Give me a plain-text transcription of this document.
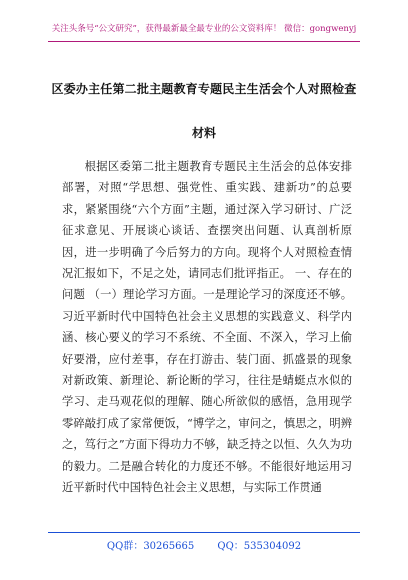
关注头条号“公文研究”，获得最新最全最专业的公文资料库！ 微信：gongwenyj
区委办主任第二批主题教育专题民主生活会个人对照检查
材料

根据区委第二批主题教育专题民主生活会的总体安排部署，对照“学思想、强党性、重实践、建新功”的总要求，紧紧围绕“六个方面”主题，通过深入学习研讨、广泛征求意见、开展谈心谈话、查摆突出问题、认真剖析原因，进一步明确了今后努力的方向。现将个人对照检查情况汇报如下，不足之处，请同志们批评指正。 一、存在的问题 （一）理论学习方面。一是理论学习的深度还不够。习近平新时代中国特色社会主义思想的实践意义、科学内涵、核心要义的学习不系统、不全面、不深入，学习上偷好要滑，应付差事，存在打游击、装门面、抓盛景的现象对新政策、新理论、新论断的学习，往往是蜻蜓点水似的学习、走马观花似的理解、随心所欲似的感悟，急用现学零碎敲打成了家常便饭，“博学之，审问之，慎思之，明辨之，笃行之”方面下得功力不够，缺乏持之以恒、久久为功的毅力。二是融合转化的力度还不够。不能很好地运用习近平新时代中国特色社会主义思想，与实际工作贯通

QQ群：30265665 QQ：535304092
